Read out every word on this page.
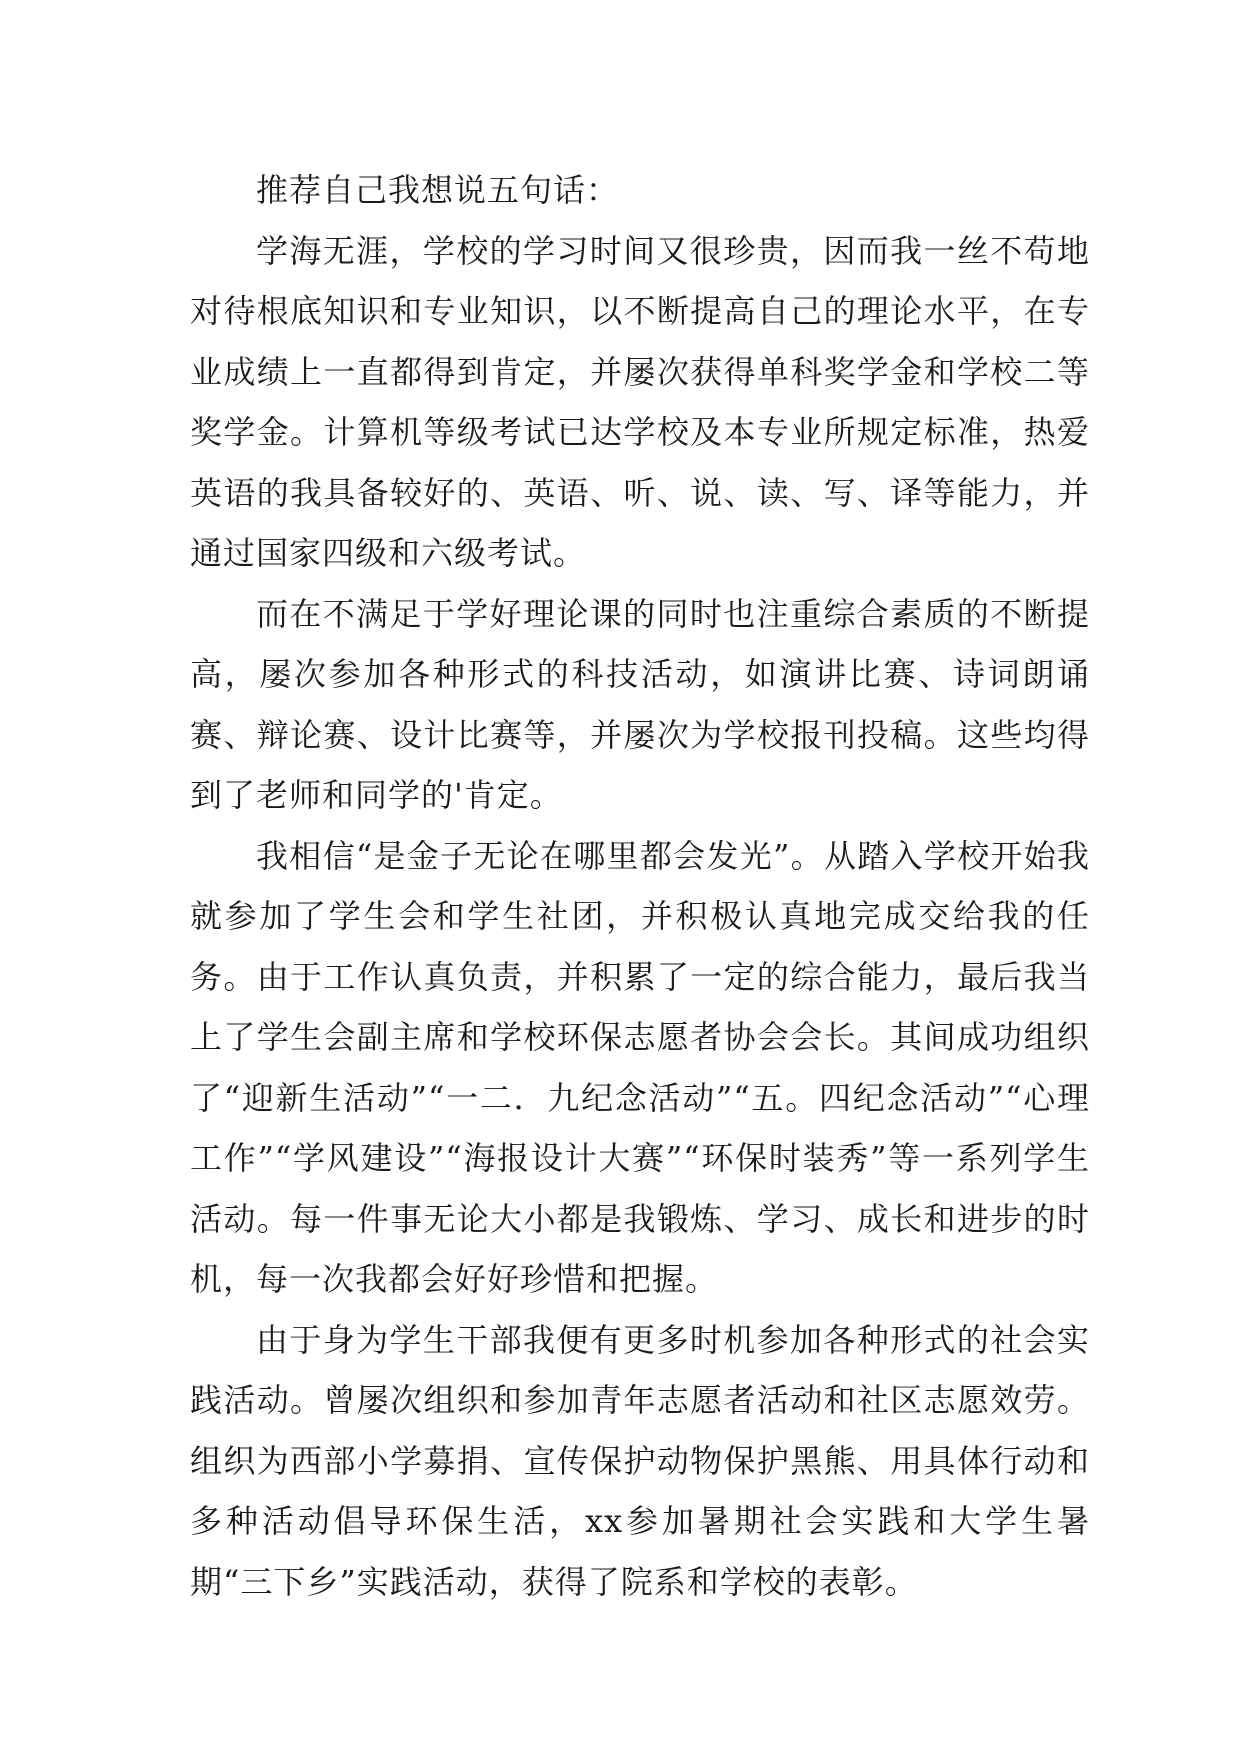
推荐自己我想说五句话：

学海无涯，学校的学习时间又很珍贵，因而我一丝不苟地对待根底知识和专业知识，以不断提高自己的理论水平，在专业成绩上一直都得到肯定，并屡次获得单科奖学金和学校二等奖学金。计算机等级考试已达学校及本专业所规定标准，热爱英语的我具备较好的、英语、听、说、读、写、译等能力，并通过国家四级和六级考试。

而在不满足于学好理论课的同时也注重综合素质的不断提高，屡次参加各种形式的科技活动，如演讲比赛、诗词朗诵赛、辩论赛、设计比赛等，并屡次为学校报刊投稿。这些均得到了老师和同学的'肯定。

我相信“是金子无论在哪里都会发光”。从踏入学校开始我就参加了学生会和学生社团，并积极认真地完成交给我的任务。由于工作认真负责，并积累了一定的综合能力，最后我当上了学生会副主席和学校环保志愿者协会会长。其间成功组织了“迎新生活动”“一二．九纪念活动”“五。四纪念活动”“心理工作”“学风建设”“海报设计大赛”“环保时装秀”等一系列学生活动。每一件事无论大小都是我锻炼、学习、成长和进步的时机，每一次我都会好好珍惜和把握。

由于身为学生干部我便有更多时机参加各种形式的社会实践活动。曾屡次组织和参加青年志愿者活动和社区志愿效劳。组织为西部小学募捐、宣传保护动物保护黑熊、用具体行动和多种活动倡导环保生活，xx参加暑期社会实践和大学生暑期“三下乡”实践活动，获得了院系和学校的表彰。
